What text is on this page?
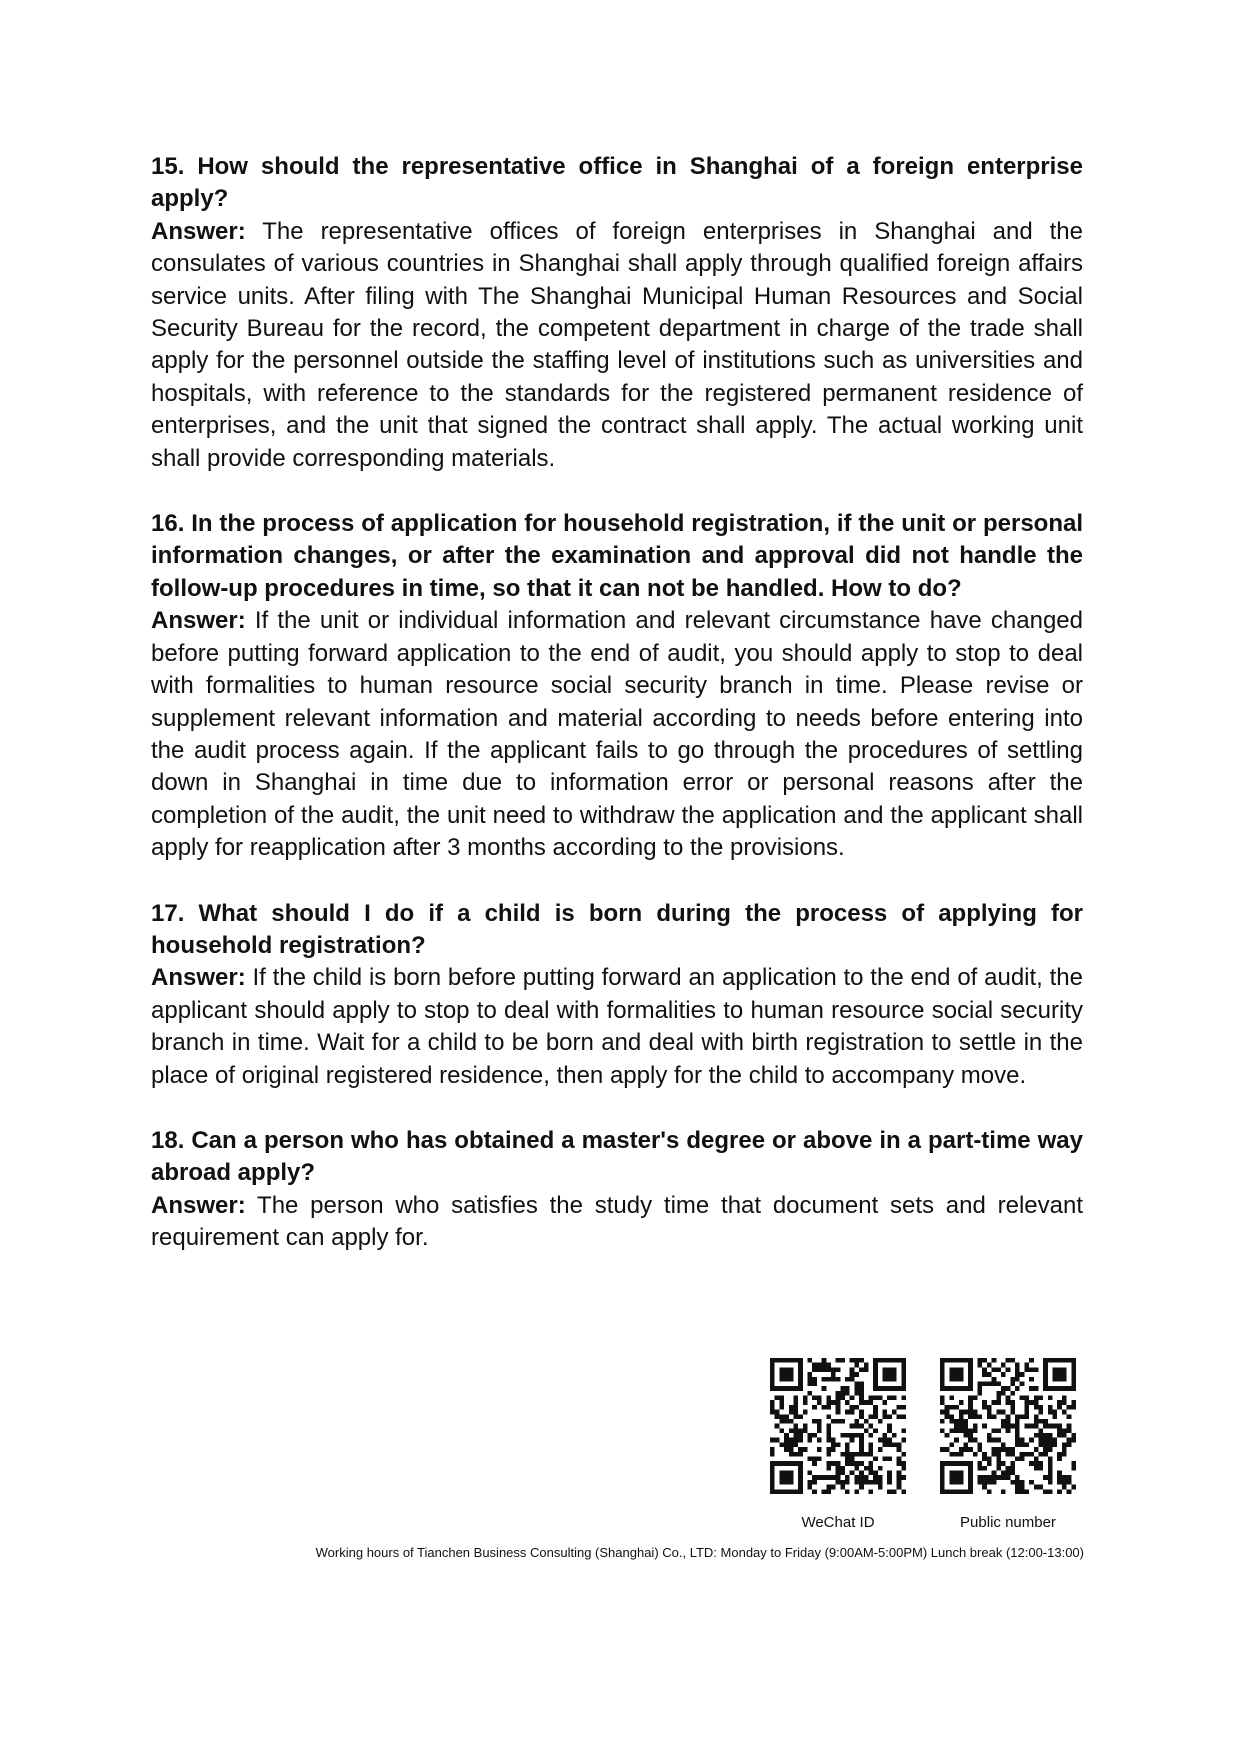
15. How should the representative office in Shanghai of a foreign enterprise apply?

Answer: The representative offices of foreign enterprises in Shanghai and the consulates of various countries in Shanghai shall apply through qualified foreign affairs service units. After filing with The Shanghai Municipal Human Resources and Social Security Bureau for the record, the competent department in charge of the trade shall apply for the personnel outside the staffing level of institutions such as universities and hospitals, with reference to the standards for the registered permanent residence of enterprises, and the unit that signed the contract shall apply. The actual working unit shall provide corresponding materials.

16. In the process of application for household registration, if the unit or personal information changes, or after the examination and approval did not handle the follow-up procedures in time, so that it can not be handled. How to do?

Answer: If the unit or individual information and relevant circumstance have changed before putting forward application to the end of audit, you should apply to stop to deal with formalities to human resource social security branch in time. Please revise or supplement relevant information and material according to needs before entering into the audit process again. If the applicant fails to go through the procedures of settling down in Shanghai in time due to information error or personal reasons after the completion of the audit, the unit need to withdraw the application and the applicant shall apply for reapplication after 3 months according to the provisions.

17. What should I do if a child is born during the process of applying for household registration?

Answer: If the child is born before putting forward an application to the end of audit, the applicant should apply to stop to deal with formalities to human resource social security branch in time. Wait for a child to be born and deal with birth registration to settle in the place of original registered residence, then apply for the child to accompany move.

18. Can a person who has obtained a master's degree or above in a part-time way abroad apply?

Answer: The person who satisfies the study time that document sets and relevant requirement can apply for.

WeChat ID	Public number
Working hours of Tianchen Business Consulting (Shanghai) Co., LTD: Monday to Friday (9:00AM-5:00PM) Lunch break (12:00-13:00)
